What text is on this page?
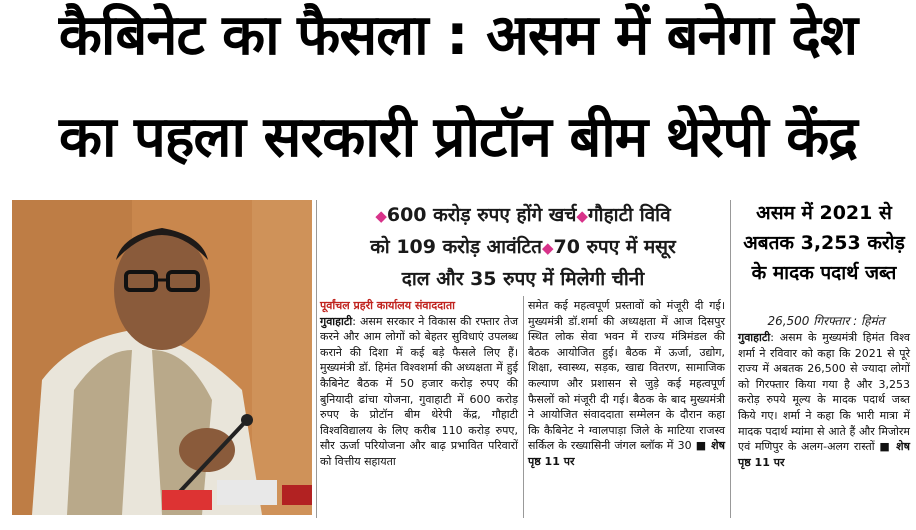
कैबिनेट का फैसला : असम में बनेगा देश
का पहला सरकारी प्रोटॉन बीम थेरेपी केंद्र
◆600 करोड़ रुपए होंगे खर्च◆गौहाटी विवि
को 109 करोड़ आवंटित◆70 रुपए में मसूर
दाल और 35 रुपए में मिलेगी चीनी
पूर्वांचल प्रहरी कार्यालय संवाददाता
गुवाहाटी: असम सरकार ने विकास की रफ्तार तेज करने और आम लोगों को बेहतर सुविधाएं उपलब्ध कराने की दिशा में कई बड़े फैसले लिए हैं। मुख्यमंत्री डॉ. हिमंत विश्वशर्मा की अध्यक्षता में हुई कैबिनेट बैठक में 50 हजार करोड़ रुपए की बुनियादी ढांचा योजना, गुवाहाटी में 600 करोड़ रुपए के प्रोटॉन बीम थेरेपी केंद्र, गौहाटी विश्वविद्यालय के लिए करीब 110 करोड़ रुपए, सौर ऊर्जा परियोजना और बाढ़ प्रभावित परिवारों को वित्तीय सहायता
समेत कई महत्वपूर्ण प्रस्तावों को मंजूरी दी गई। मुख्यमंत्री डॉ.शर्मा की अध्यक्षता में आज दिसपुर स्थित लोक सेवा भवन में राज्य मंत्रिमंडल की बैठक आयोजित हुई। बैठक में ऊर्जा, उद्योग, शिक्षा, स्वास्थ्य, सड़क, खाद्य वितरण, सामाजिक कल्याण और प्रशासन से जुड़े कई महत्वपूर्ण फैसलों को मंजूरी दी गई। बैठक के बाद मुख्यमंत्री ने आयोजित संवाददाता सम्मेलन के दौरान कहा कि कैबिनेट ने ग्वालपाड़ा जिले के माटिया राजस्व सर्किल के रख्यासिनी जंगल ब्लॉक में 30 ■ शेष पृष्ठ 11 पर
असम में 2021 से अबतक 3,253 करोड़ के मादक पदार्थ जब्त
26,500 गिरफ्तार : हिमंत
गुवाहाटी: असम के मुख्यमंत्री हिमंत विश्व शर्मा ने रविवार को कहा कि 2021 से पूरे राज्य में अबतक 26,500 से ज्यादा लोगों को गिरफ्तार किया गया है और 3,253 करोड़ रुपये मूल्य के मादक पदार्थ जब्त किये गए। शर्मा ने कहा कि भारी मात्रा में मादक पदार्थ म्यांमा से आते हैं और मिजोरम एवं मणिपुर के अलग-अलग रास्तों ■ शेष पृष्ठ 11 पर
